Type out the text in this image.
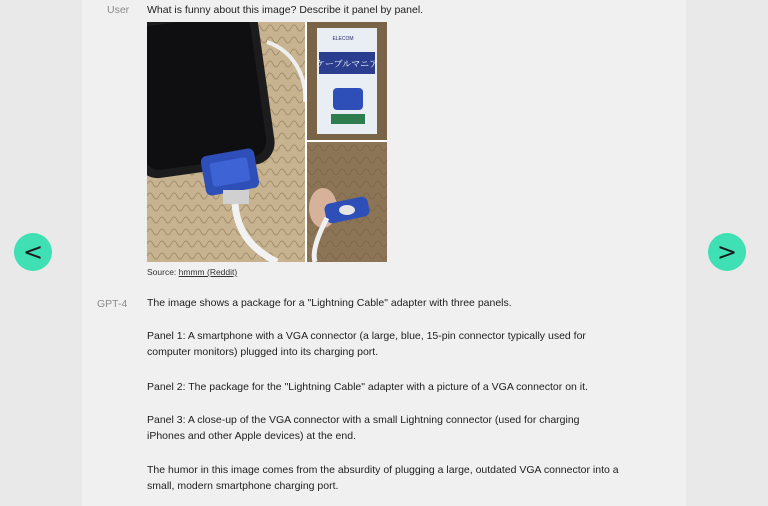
User What is funny about this image? Describe it panel by panel.
ケーブルマニア
ELECOM
Source: hmmm (Reddit)
GPT-4 The image shows a package for a "Lightning Cable" adapter with three panels.
Panel 1: A smartphone with a VGA connector (a large, blue, 15-pin connector typically used for computer monitors) plugged into its charging port.
Panel 2: The package for the "Lightning Cable" adapter with a picture of a VGA connector on it.
Panel 3: A close-up of the VGA connector with a small Lightning connector (used for charging iPhones and other Apple devices) at the end.
The humor in this image comes from the absurdity of plugging a large, outdated VGA connector into a small, modern smartphone charging port.
<	>
